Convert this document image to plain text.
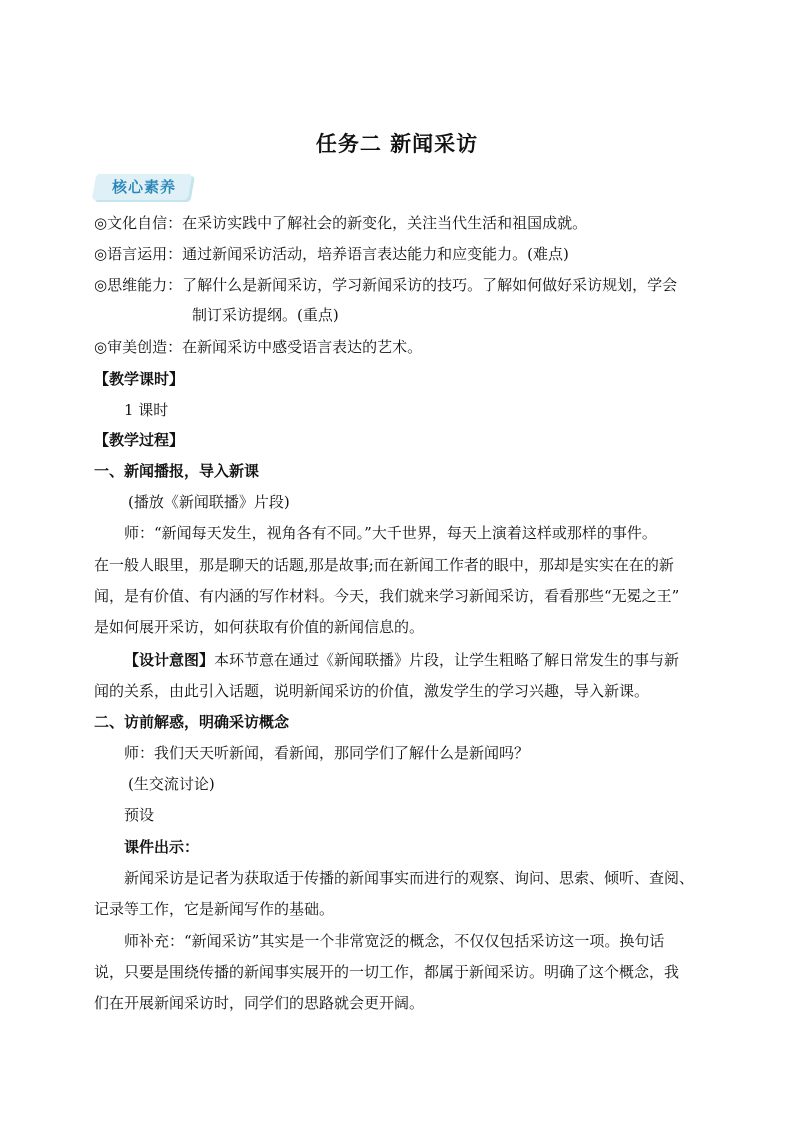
任务二 新闻采访
核心素养
◎文化自信：在采访实践中了解社会的新变化，关注当代生活和祖国成就。
◎语言运用：通过新闻采访活动，培养语言表达能力和应变能力。(难点)
◎思维能力：了解什么是新闻采访，学习新闻采访的技巧。了解如何做好采访规划，学会
制订采访提纲。(重点)
◎审美创造：在新闻采访中感受语言表达的艺术。
【教学课时】
1 课时
【教学过程】
一、新闻播报，导入新课
(播放《新闻联播》片段)
师：“新闻每天发生，视角各有不同。”大千世界，每天上演着这样或那样的事件。
在一般人眼里，那是聊天的话题,那是故事;而在新闻工作者的眼中，那却是实实在在的新
闻，是有价值、有内涵的写作材料。今天，我们就来学习新闻采访，看看那些“无冕之王”
是如何展开采访，如何获取有价值的新闻信息的。
【设计意图】本环节意在通过《新闻联播》片段，让学生粗略了解日常发生的事与新
闻的关系，由此引入话题，说明新闻采访的价值，激发学生的学习兴趣，导入新课。
二、访前解惑，明确采访概念
师：我们天天听新闻，看新闻，那同学们了解什么是新闻吗？
(生交流讨论)
预设
课件出示：
新闻采访是记者为获取适于传播的新闻事实而进行的观察、询问、思索、倾听、查阅、
记录等工作，它是新闻写作的基础。
师补充：“新闻采访”其实是一个非常宽泛的概念，不仅仅包括采访这一项。换句话
说，只要是围绕传播的新闻事实展开的一切工作，都属于新闻采访。明确了这个概念，我
们在开展新闻采访时，同学们的思路就会更开阔。
